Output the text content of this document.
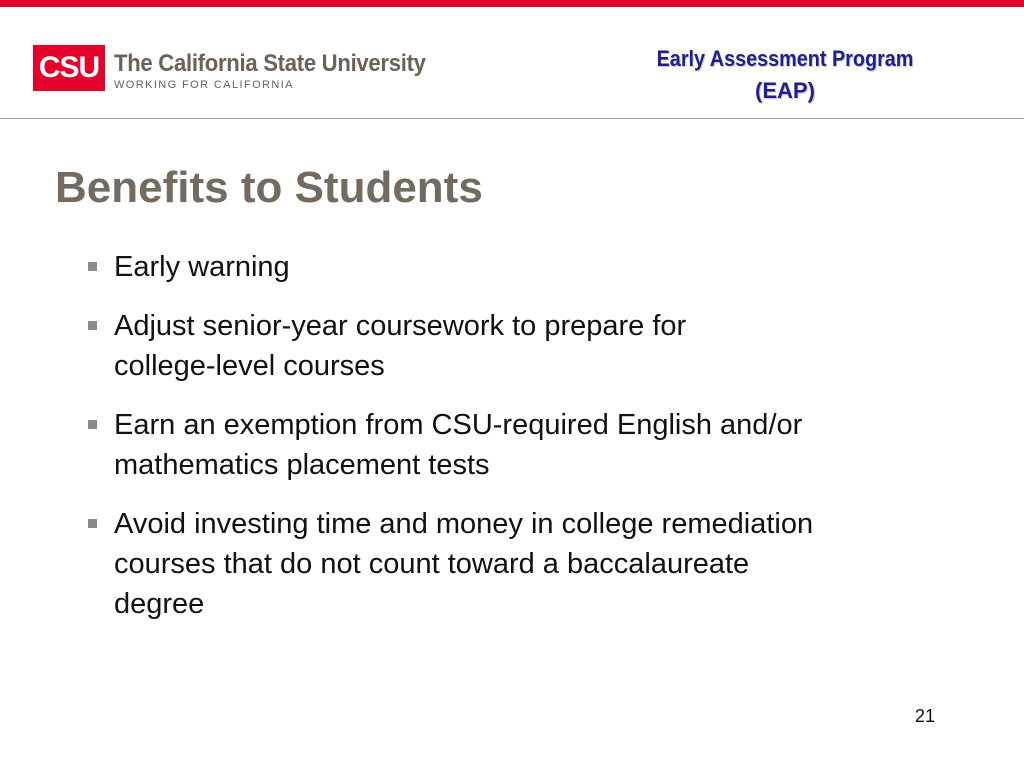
CSU The California State University
WORKING FOR CALIFORNIA
Early Assessment Program
(EAP)
Benefits to Students
Early warning
Adjust senior-year coursework to prepare for
college-level courses
Earn an exemption from CSU-required English and/or
mathematics placement tests
Avoid investing time and money in college remediation
courses that do not count toward a baccalaureate
degree
21
